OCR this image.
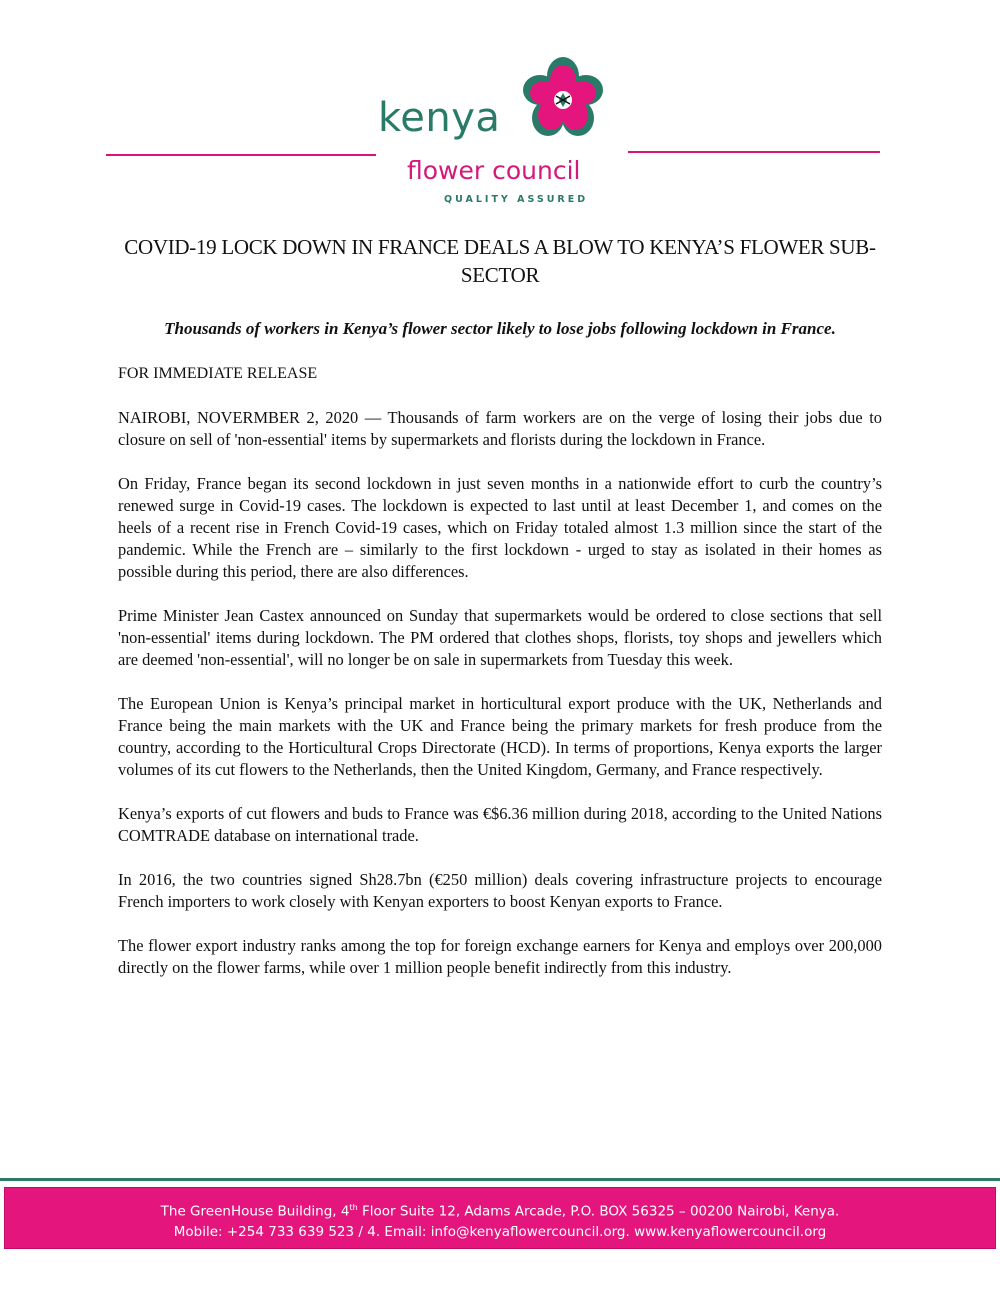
kenya

flower council

QUALITY ASSURED

COVID-19 LOCK DOWN IN FRANCE DEALS A BLOW TO KENYA’S FLOWER SUB-SECTOR

Thousands of workers in Kenya’s flower sector likely to lose jobs following lockdown in France.

FOR IMMEDIATE RELEASE

NAIROBI, NOVERMBER 2, 2020 — Thousands of farm workers are on the verge of losing their jobs due to closure on sell of 'non-essential' items by supermarkets and florists during the lockdown in France.

On Friday, France began its second lockdown in just seven months in a nationwide effort to curb the country’s renewed surge in Covid-19 cases. The lockdown is expected to last until at least December 1, and comes on the heels of a recent rise in French Covid-19 cases, which on Friday totaled almost 1.3 million since the start of the pandemic. While the French are – similarly to the first lockdown - urged to stay as isolated in their homes as possible during this period, there are also differences.

Prime Minister Jean Castex announced on Sunday that supermarkets would be ordered to close sections that sell 'non-essential' items during lockdown. The PM ordered that clothes shops, florists, toy shops and jewellers which are deemed 'non-essential', will no longer be on sale in supermarkets from Tuesday this week.

The European Union is Kenya’s principal market in horticultural export produce with the UK, Netherlands and France being the main markets with the UK and France being the primary markets for fresh produce from the country, according to the Horticultural Crops Directorate (HCD). In terms of proportions, Kenya exports the larger volumes of its cut flowers to the Netherlands, then the United Kingdom, Germany, and France respectively.

Kenya’s exports of cut flowers and buds to France was €$6.36 million during 2018, according to the United Nations COMTRADE database on international trade.

In 2016, the two countries signed Sh28.7bn (€250 million) deals covering infrastructure projects to encourage French importers to work closely with Kenyan exporters to boost Kenyan exports to France.

The flower export industry ranks among the top for foreign exchange earners for Kenya and employs over 200,000 directly on the flower farms, while over 1 million people benefit indirectly from this industry.

The GreenHouse Building, 4th Floor Suite 12, Adams Arcade, P.O. BOX 56325 – 00200 Nairobi, Kenya.
Mobile: +254 733 639 523 / 4. Email: info@kenyaflowercouncil.org. www.kenyaflowercouncil.org
